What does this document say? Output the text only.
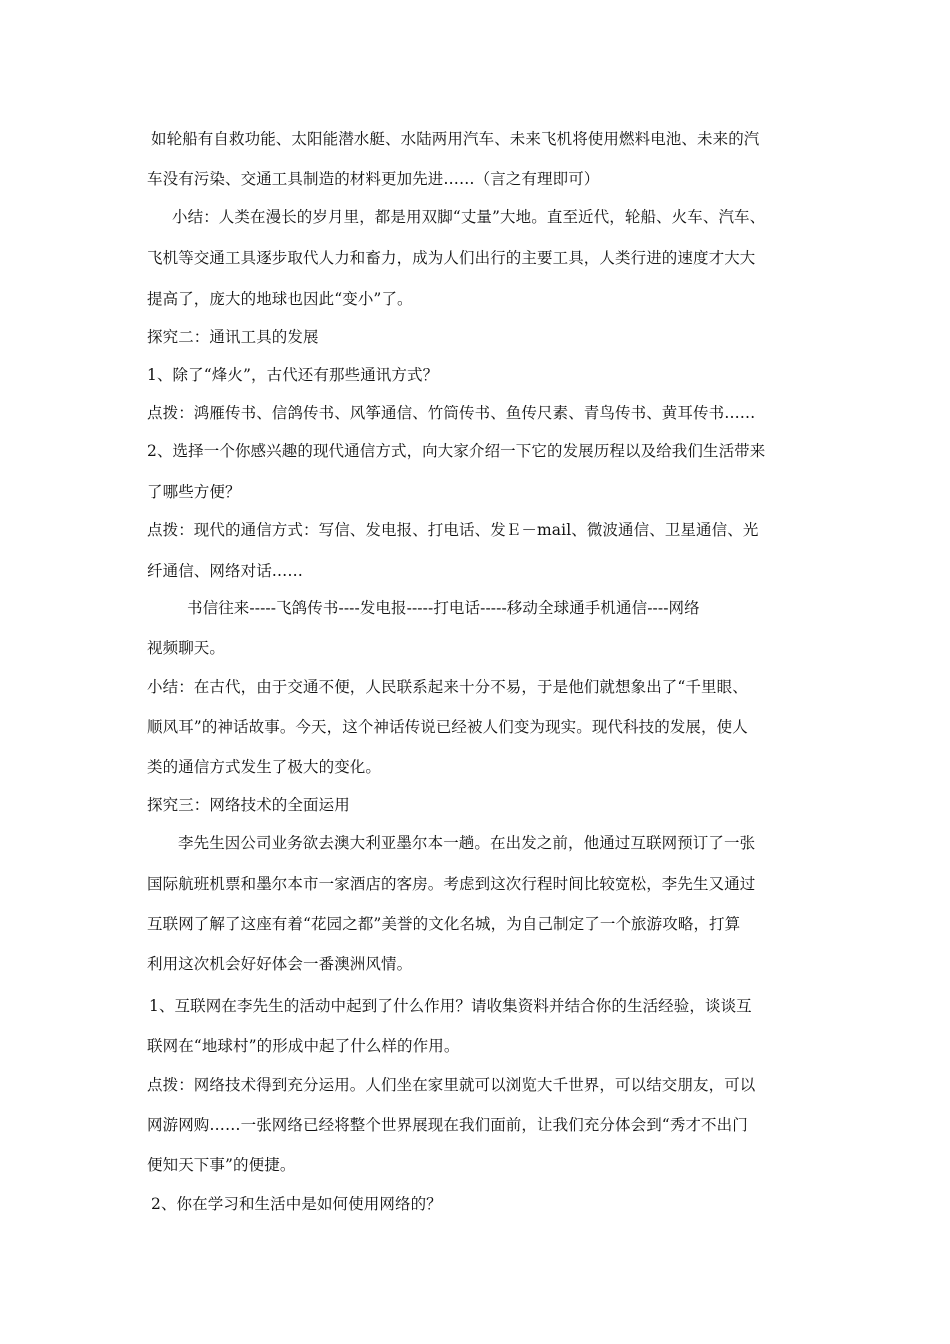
如轮船有自救功能、太阳能潜水艇、水陆两用汽车、未来飞机将使用燃料电池、未来的汽
车没有污染、交通工具制造的材料更加先进……（言之有理即可）
小结：人类在漫长的岁月里，都是用双脚“丈量”大地。直至近代，轮船、火车、汽车、
飞机等交通工具逐步取代人力和畜力，成为人们出行的主要工具，人类行进的速度才大大
提高了，庞大的地球也因此“变小”了。
探究二：通讯工具的发展
1、除了“烽火”，古代还有那些通讯方式？
点拨：鸿雁传书、信鸽传书、风筝通信、竹筒传书、鱼传尺素、青鸟传书、黄耳传书……
2、选择一个你感兴趣的现代通信方式，向大家介绍一下它的发展历程以及给我们生活带来
了哪些方便？
点拨：现代的通信方式：写信、发电报、打电话、发Ｅ－mail、微波通信、卫星通信、光
纤通信、网络对话……
书信往来-----飞鸽传书----发电报-----打电话-----移动全球通手机通信----网络
视频聊天。
小结：在古代，由于交通不便，人民联系起来十分不易，于是他们就想象出了“千里眼、
顺风耳”的神话故事。今天，这个神话传说已经被人们变为现实。现代科技的发展，使人
类的通信方式发生了极大的变化。
探究三：网络技术的全面运用
李先生因公司业务欲去澳大利亚墨尔本一趟。在出发之前，他通过互联网预订了一张
国际航班机票和墨尔本市一家酒店的客房。考虑到这次行程时间比较宽松，李先生又通过
互联网了解了这座有着“花园之都”美誉的文化名城，为自己制定了一个旅游攻略，打算
利用这次机会好好体会一番澳洲风情。
1、互联网在李先生的活动中起到了什么作用？请收集资料并结合你的生活经验，谈谈互
联网在“地球村”的形成中起了什么样的作用。
点拨：网络技术得到充分运用。人们坐在家里就可以浏览大千世界，可以结交朋友，可以
网游网购……一张网络已经将整个世界展现在我们面前，让我们充分体会到“秀才不出门
便知天下事”的便捷。
2、你在学习和生活中是如何使用网络的？
